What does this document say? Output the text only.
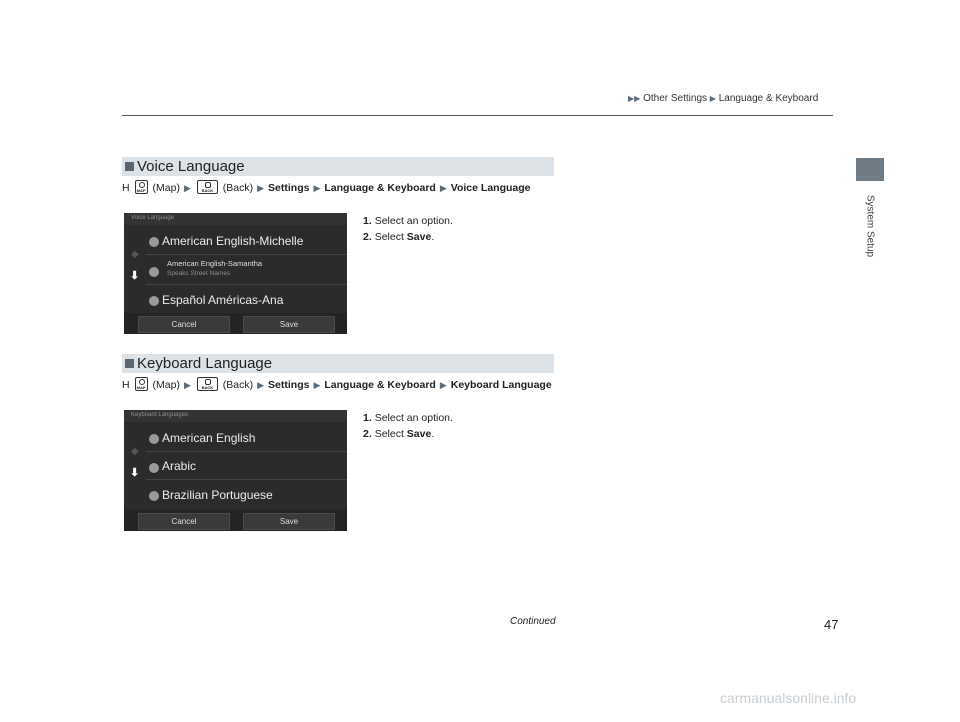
▶▶ Other Settings ▶ Language & Keyboard
System Setup
Voice Language
H MAP (Map) ▶	BACK (Back) ▶ Settings ▶ Language & Keyboard ▶ Voice Language
1. Select an option.
2. Select Save.
Voice Language
◆
⬇
American English-Michelle
American English-Samantha
Speaks Street Names
Español Américas-Ana
Cancel	Save
Keyboard Language
H MAP (Map) ▶	BACK (Back) ▶ Settings ▶ Language & Keyboard ▶ Keyboard Language
1. Select an option.
2. Select Save.
Keyboard Languages
◆
⬇
American English
Arabic
Brazilian Portuguese
Cancel	Save
Continued	47
carmanualsonline.info
